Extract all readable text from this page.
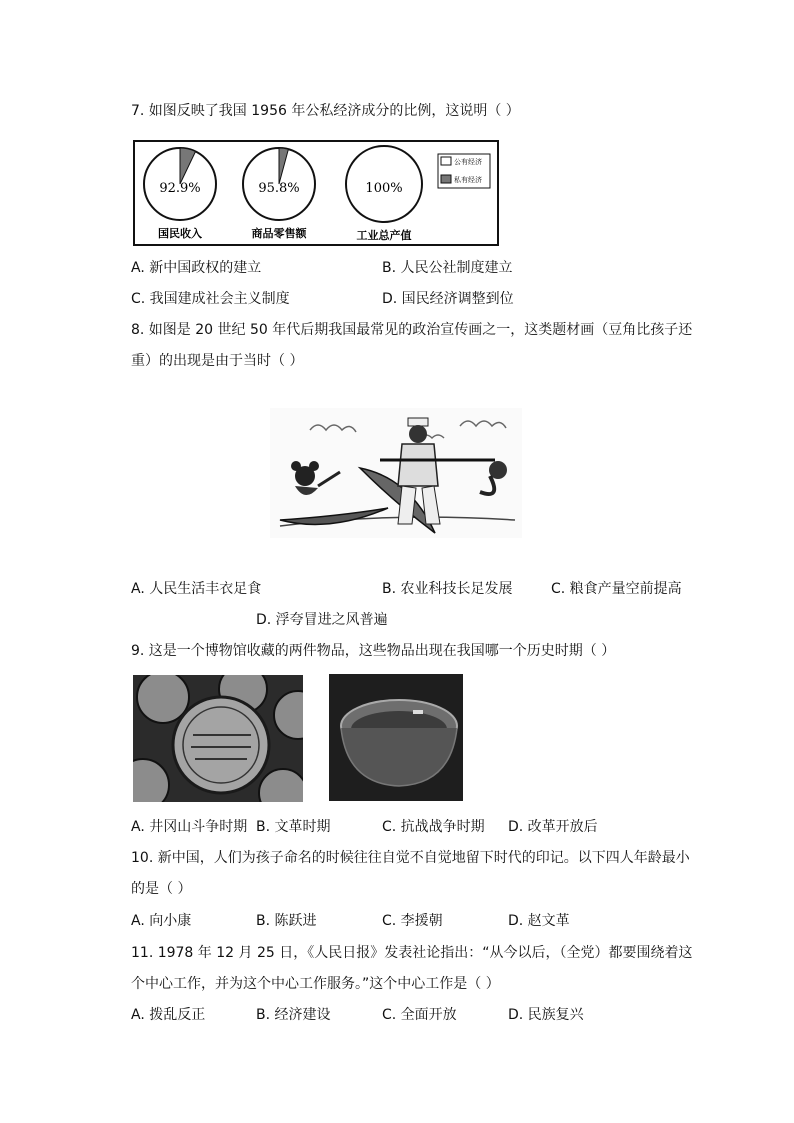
7. 如图反映了我国 1956 年公私经济成分的比例，这说明（ ）
92.9%
国民收入
95.8%
商品零售额
100%
工业总产值
公有经济
私有经济
A. 新中国政权的建立	B. 人民公社制度建立
C. 我国建成社会主义制度	D. 国民经济调整到位
8. 如图是 20 世纪 50 年代后期我国最常见的政治宣传画之一，这类题材画（豆角比孩子还
重）的出现是由于当时（ ）
A. 人民生活丰衣足食	B. 农业科技长足发展	C. 粮食产量空前提高
D. 浮夸冒进之风普遍
9. 这是一个博物馆收藏的两件物品，这些物品出现在我国哪一个历史时期（ ）
A. 井冈山斗争时期 B. 文革时期	C. 抗战战争时期 D. 改革开放后
10. 新中国，人们为孩子命名的时候往往自觉不自觉地留下时代的印记。以下四人年龄最小
的是（ ）
A. 向小康	B. 陈跃进	C. 李援朝	D. 赵文革
11. 1978 年 12 月 25 日，《人民日报》发表社论指出：“从今以后，（全党）都要围绕着这
个中心工作，并为这个中心工作服务。”这个中心工作是（ ）
A. 拨乱反正	B. 经济建设	C. 全面开放	D. 民族复兴
